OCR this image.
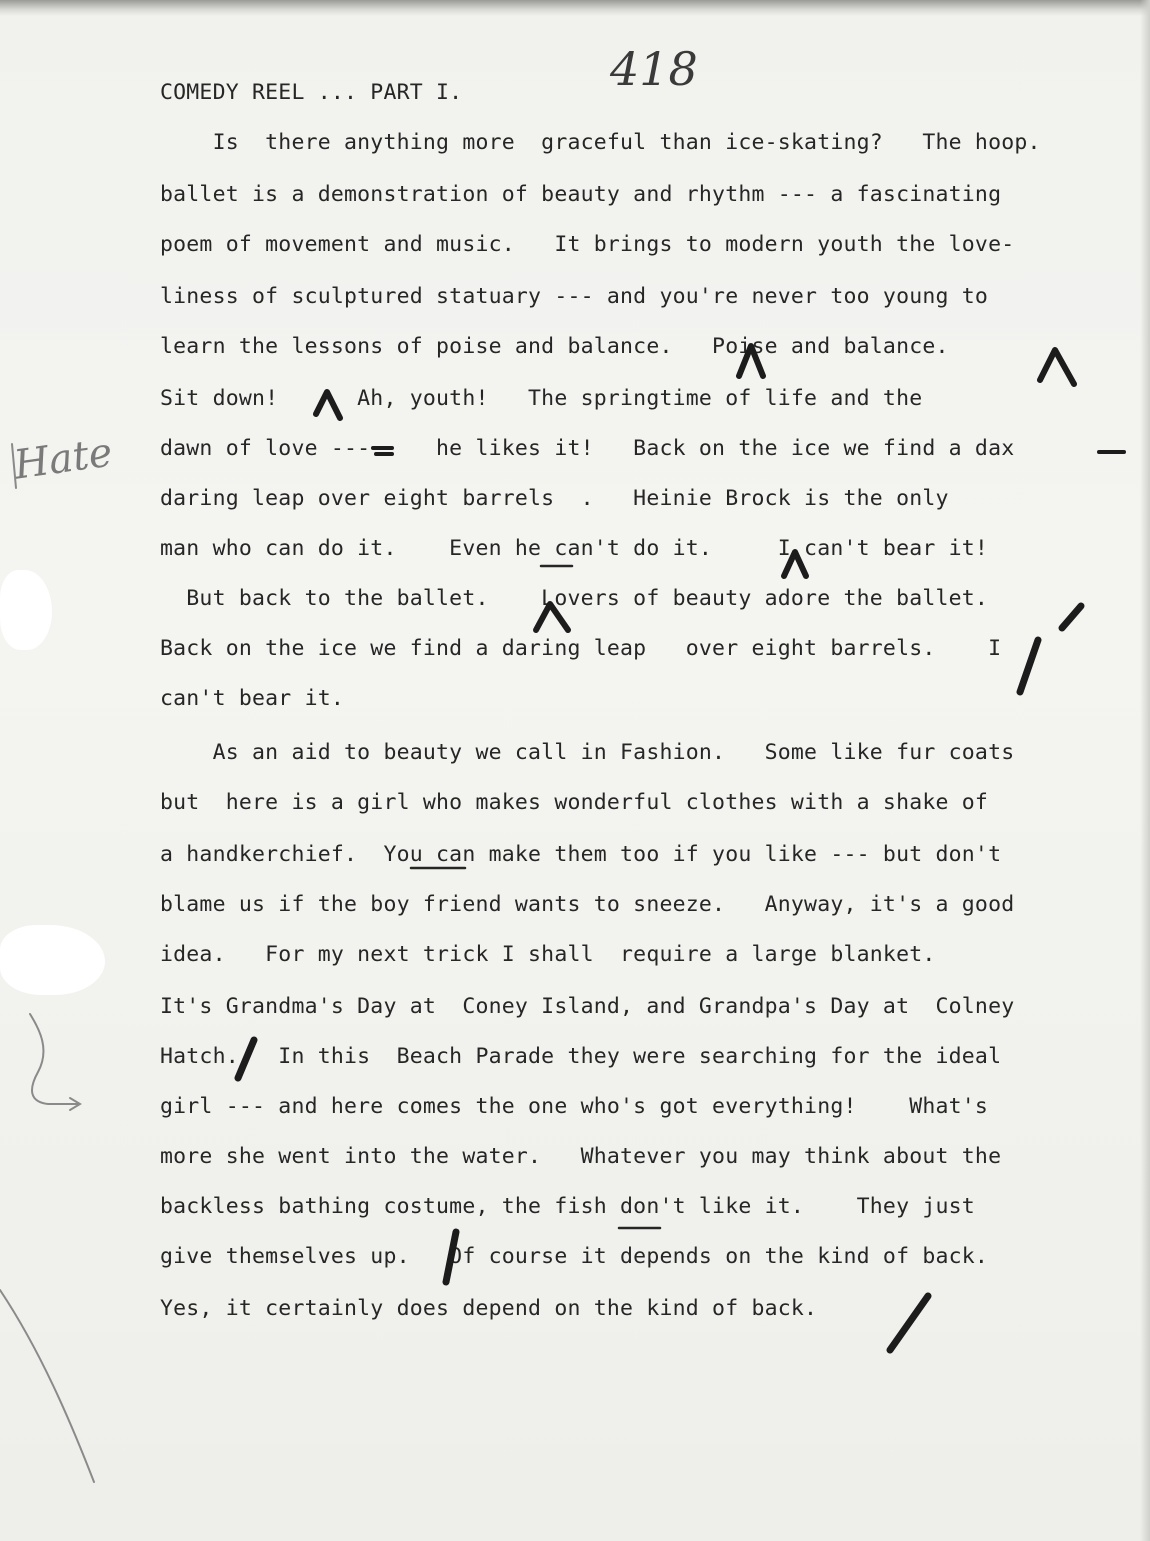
418
Hate
COMEDY REEL ... PART I.
Is  there anything more  graceful than ice-skating?   The hoop.
ballet is a demonstration of beauty and rhythm --- a fascinating
poem of movement and music.   It brings to modern youth the love-
liness of sculptured statuary --- and you're never too young to
learn the lessons of poise and balance.   Poise and balance.
Sit down!      Ah, youth!   The springtime of life and the
dawn of love ---     he likes it!   Back on the ice we find a dax
daring leap over eight barrels  .   Heinie Brock is the only
man who can do it.    Even he can't do it.     I can't bear it!
But back to the ballet.    Lovers of beauty adore the ballet.
Back on the ice we find a daring leap   over eight barrels.    I
can't bear it.
As an aid to beauty we call in Fashion.   Some like fur coats
but  here is a girl who makes wonderful clothes with a shake of
a handkerchief.  You can make them too if you like --- but don't
blame us if the boy friend wants to sneeze.   Anyway, it's a good
idea.   For my next trick I shall  require a large blanket.
It's Grandma's Day at  Coney Island, and Grandpa's Day at  Colney
Hatch.   In this  Beach Parade they were searching for the ideal
girl --- and here comes the one who's got everything!    What's
more she went into the water.   Whatever you may think about the
backless bathing costume, the fish don't like it.    They just
give themselves up.   Of course it depends on the kind of back.
Yes, it certainly does depend on the kind of back.
